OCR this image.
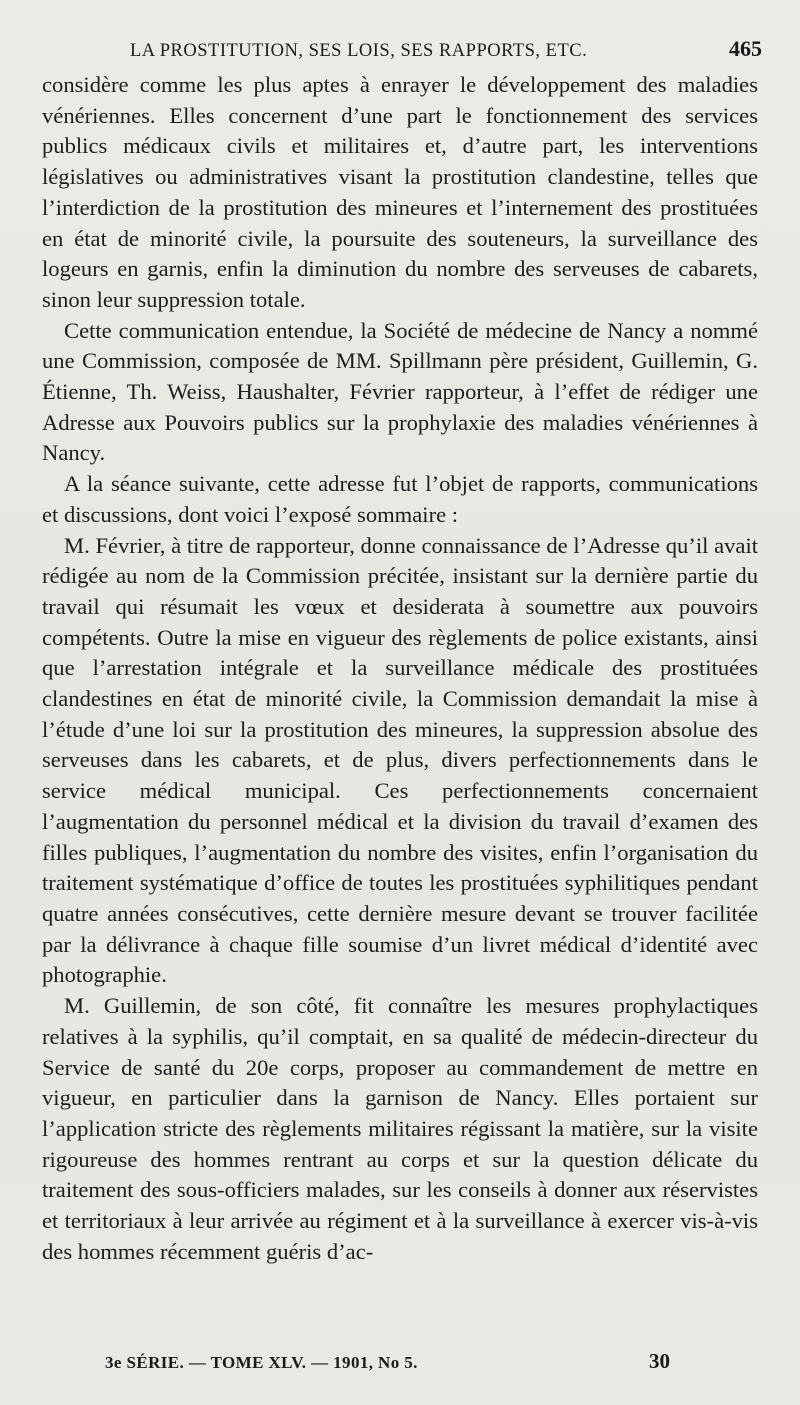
LA PROSTITUTION, SES LOIS, SES RAPPORTS, ETC.	465

considère comme les plus aptes à enrayer le développement des maladies vénériennes. Elles concernent d’une part le fonctionnement des services publics médicaux civils et militaires et, d’autre part, les interventions législatives ou administratives visant la prostitution clandestine, telles que l’interdiction de la prostitution des mineures et l’internement des prostituées en état de minorité civile, la poursuite des souteneurs, la surveillance des logeurs en garnis, enfin la diminution du nombre des serveuses de cabarets, sinon leur suppression totale.

Cette communication entendue, la Société de médecine de Nancy a nommé une Commission, composée de MM. Spillmann père président, Guillemin, G. Étienne, Th. Weiss, Haushalter, Février rapporteur, à l’effet de rédiger une Adresse aux Pouvoirs publics sur la prophylaxie des maladies vénériennes à Nancy.

A la séance suivante, cette adresse fut l’objet de rapports, communications et discussions, dont voici l’exposé sommaire :

M. Février, à titre de rapporteur, donne connaissance de l’Adresse qu’il avait rédigée au nom de la Commission précitée, insistant sur la dernière partie du travail qui résumait les vœux et desiderata à soumettre aux pouvoirs compétents. Outre la mise en vigueur des règlements de police existants, ainsi que l’arrestation intégrale et la surveillance médicale des prostituées clandestines en état de minorité civile, la Commission demandait la mise à l’étude d’une loi sur la prostitution des mineures, la suppression absolue des serveuses dans les cabarets, et de plus, divers perfectionnements dans le service médical municipal. Ces perfectionnements concernaient l’augmentation du personnel médical et la division du travail d’examen des filles publiques, l’augmentation du nombre des visites, enfin l’organisation du traitement systématique d’office de toutes les prostituées syphilitiques pendant quatre années consécutives, cette dernière mesure devant se trouver facilitée par la délivrance à chaque fille soumise d’un livret médical d’identité avec photographie.

M. Guillemin, de son côté, fit connaître les mesures prophylactiques relatives à la syphilis, qu’il comptait, en sa qualité de médecin-directeur du Service de santé du 20e corps, proposer au commandement de mettre en vigueur, en particulier dans la garnison de Nancy. Elles portaient sur l’application stricte des règlements militaires régissant la matière, sur la visite rigoureuse des hommes rentrant au corps et sur la question délicate du traitement des sous-officiers malades, sur les conseils à donner aux réservistes et territoriaux à leur arrivée au régiment et à la surveillance à exercer vis-à-vis des hommes récemment guéris d’ac-

3e SÉRIE. — TOME XLV. — 1901, No 5.	30
